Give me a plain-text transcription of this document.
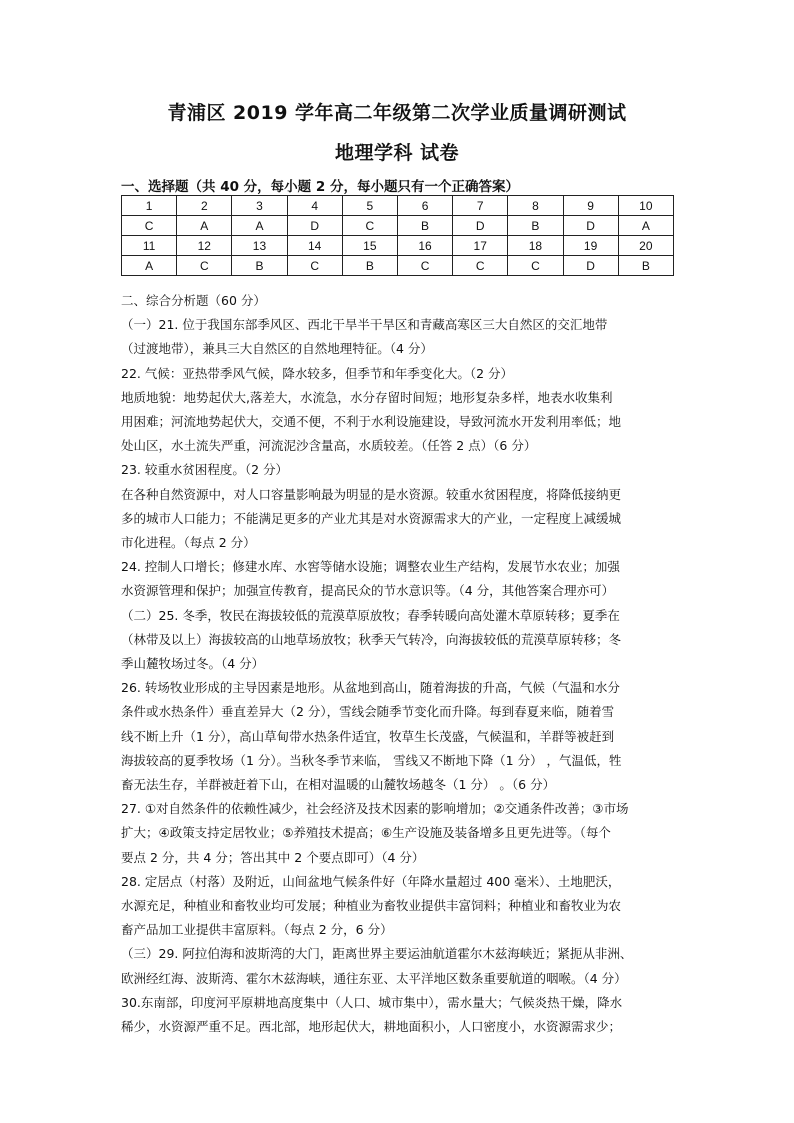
青浦区 2019 学年高二年级第二次学业质量调研测试
地理学科 试卷
一、选择题（共 40 分，每小题 2 分，每小题只有一个正确答案）
1	2	3	4	5	6	7	8	9	10
C	A	A	D	C	B	D	B	D	A
11	12	13	14	15	16	17	18	19	20
A	C	B	C	B	C	C	C	D	B
二、综合分析题（60 分）
（一）21. 位于我国东部季风区、西北干旱半干旱区和青藏高寒区三大自然区的交汇地带
（过渡地带），兼具三大自然区的自然地理特征。（4 分）
22. 气候：亚热带季风气候，降水较多，但季节和年季变化大。（2 分）
地质地貌：地势起伏大,落差大，水流急，水分存留时间短；地形复杂多样，地表水收集利
用困难；河流地势起伏大，交通不便，不利于水利设施建设，导致河流水开发利用率低；地
处山区，水土流失严重，河流泥沙含量高，水质较差。（任答 2 点）（6 分）
23. 较重水贫困程度。（2 分）
在各种自然资源中，对人口容量影响最为明显的是水资源。较重水贫困程度，将降低接纳更
多的城市人口能力；不能满足更多的产业尤其是对水资源需求大的产业，一定程度上减缓城
市化进程。（每点 2 分）
24. 控制人口增长；修建水库、水窖等储水设施；调整农业生产结构，发展节水农业；加强
水资源管理和保护；加强宣传教育，提高民众的节水意识等。（4 分，其他答案合理亦可）
（二）25. 冬季，牧民在海拔较低的荒漠草原放牧；春季转暖向高处灌木草原转移；夏季在
（林带及以上）海拔较高的山地草场放牧；秋季天气转冷，向海拔较低的荒漠草原转移；冬
季山麓牧场过冬。（4 分）
26. 转场牧业形成的主导因素是地形。从盆地到高山，随着海拔的升高，气候（气温和水分
条件或水热条件）垂直差异大（2 分），雪线会随季节变化而升降。每到春夏来临，随着雪
线不断上升（1 分），高山草甸带水热条件适宜，牧草生长茂盛，气候温和，羊群等被赶到
海拔较高的夏季牧场（1 分）。当秋冬季节来临， 雪线又不断地下降（1 分） ，气温低，牲
畜无法生存，羊群被赶着下山，在相对温暖的山麓牧场越冬（1 分） 。（6 分）
27. ①对自然条件的依赖性减少，社会经济及技术因素的影响增加；②交通条件改善；③市场
扩大；④政策支持定居牧业；⑤养殖技术提高；⑥生产设施及装备增多且更先进等。（每个
要点 2 分，共 4 分；答出其中 2 个要点即可）（4 分）
28. 定居点（村落）及附近，山间盆地气候条件好（年降水量超过 400 毫米）、土地肥沃，
水源充足，种植业和畜牧业均可发展；种植业为畜牧业提供丰富饲料；种植业和畜牧业为农
畜产品加工业提供丰富原料。（每点 2 分，6 分）
（三）29. 阿拉伯海和波斯湾的大门，距离世界主要运油航道霍尔木兹海峡近；紧扼从非洲、
欧洲经红海、波斯湾、霍尔木兹海峡，通往东亚、太平洋地区数条重要航道的咽喉。（4 分）
30.东南部，印度河平原耕地高度集中（人口、城市集中），需水量大；气候炎热干燥，降水
稀少，水资源严重不足。西北部，地形起伏大，耕地面积小，人口密度小，水资源需求少；
